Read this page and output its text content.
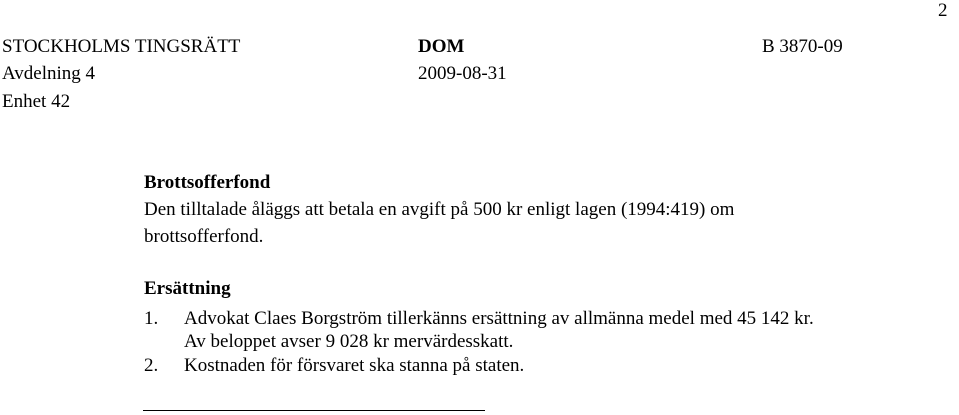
2
STOCKHOLMS TINGSRÄTT
Avdelning 4
Enhet 42
DOM
2009-08-31
B 3870-09
Brottsofferfond
Den tilltalade åläggs att betala en avgift på 500 kr enligt lagen (1994:419) om
brottsofferfond.
Ersättning
1. Advokat Claes Borgström tillerkänns ersättning av allmänna medel med 45 142 kr.
Av beloppet avser 9 028 kr mervärdesskatt.
2. Kostnaden för försvaret ska stanna på staten.
